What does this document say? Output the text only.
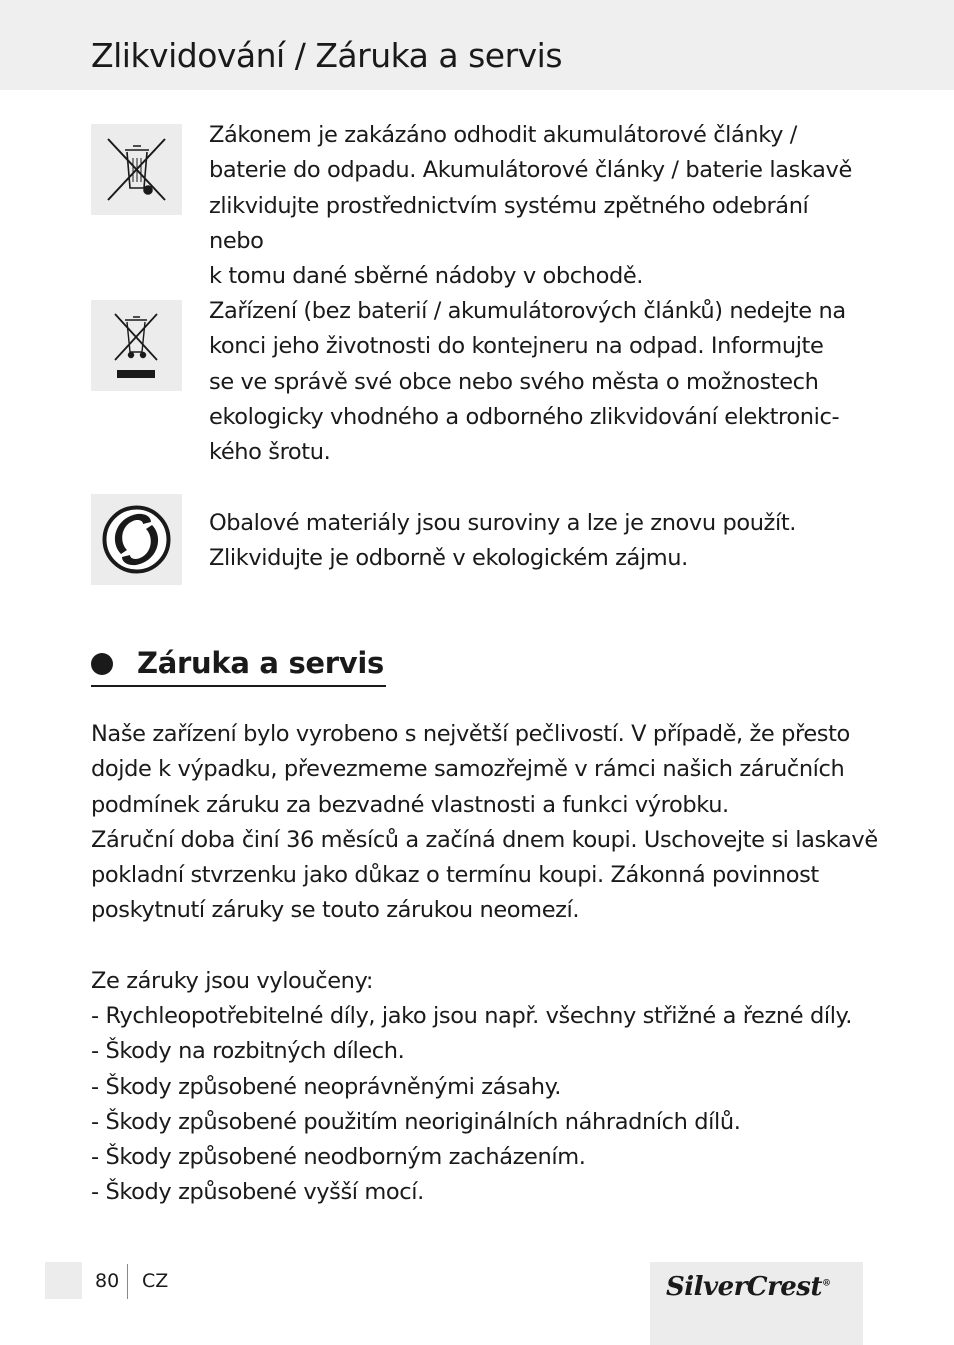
Zlikvidování / Záruka a servis
Zákonem je zakázáno odhodit akumulátorové články /
baterie do odpadu. Akumulátorové články / baterie laskavě
zlikvidujte prostřednictvím systému zpětného odebrání nebo
k tomu dané sběrné nádoby v obchodě.
Zařízení (bez baterií / akumulátorových článků) nedejte na
konci jeho životnosti do kontejneru na odpad. Informujte
se ve správě své obce nebo svého města o možnostech
ekologicky vhodného a odborného zlikvidování elektronic-
kého šrotu.
Obalové materiály jsou suroviny a lze je znovu použít.
Zlikvidujte je odborně v ekologickém zájmu.
Záruka a servis
Naše zařízení bylo vyrobeno s největší pečlivostí. V případě, že přesto
dojde k výpadku, převezmeme samozřejmě v rámci našich záručních
podmínek záruku za bezvadné vlastnosti a funkci výrobku.
Záruční doba činí 36 měsíců a začíná dnem koupi. Uschovejte si laskavě
pokladní stvrzenku jako důkaz o termínu koupi. Zákonná povinnost
poskytnutí záruky se touto zárukou neomezí.
Ze záruky jsou vyloučeny:
- Rychleopotřebitelné díly, jako jsou např. všechny střižné a řezné díly.
- Škody na rozbitných dílech.
- Škody způsobené neoprávněnými zásahy.
- Škody způsobené použitím neoriginálních náhradních dílů.
- Škody způsobené neodborným zacházením.
- Škody způsobené vyšší mocí.
80 CZ	SilverCrest®
